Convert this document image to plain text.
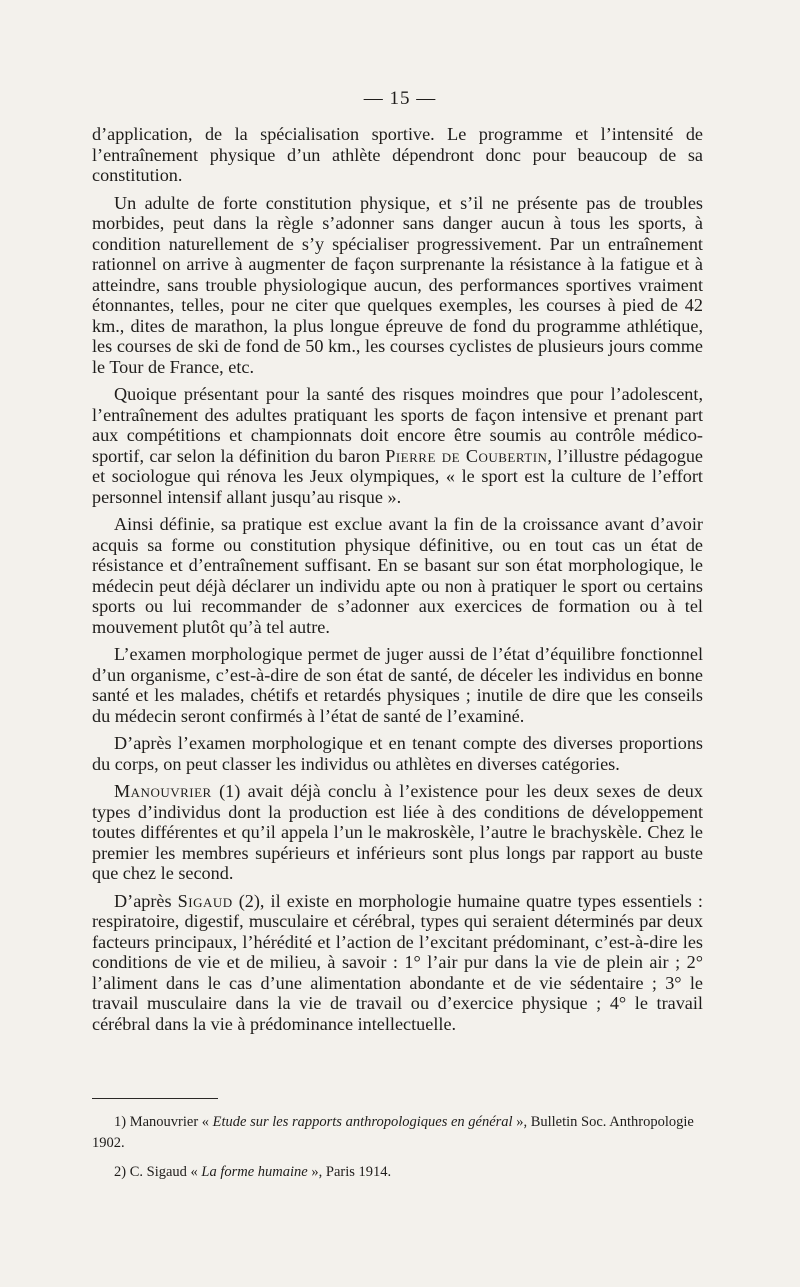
— 15 —

d’application, de la spécialisation sportive. Le programme et l’intensité de l’entraînement physique d’un athlète dépendront donc pour beaucoup de sa constitution.

Un adulte de forte constitution physique, et s’il ne présente pas de troubles morbides, peut dans la règle s’adonner sans danger aucun à tous les sports, à condition naturellement de s’y spécialiser progressivement. Par un entraînement rationnel on arrive à augmenter de façon surprenante la résistance à la fatigue et à atteindre, sans trouble physiologique aucun, des performances sportives vraiment étonnantes, telles, pour ne citer que quelques exemples, les courses à pied de 42 km., dites de marathon, la plus longue épreuve de fond du programme athlétique, les courses de ski de fond de 50 km., les courses cyclistes de plusieurs jours comme le Tour de France, etc.

Quoique présentant pour la santé des risques moindres que pour l’adolescent, l’entraînement des adultes pratiquant les sports de façon intensive et prenant part aux compétitions et championnats doit encore être soumis au contrôle médico-sportif, car selon la définition du baron Pierre de Coubertin, l’illustre pédagogue et sociologue qui rénova les Jeux olympiques, « le sport est la culture de l’effort personnel intensif allant jusqu’au risque ».

Ainsi définie, sa pratique est exclue avant la fin de la croissance avant d’avoir acquis sa forme ou constitution physique définitive, ou en tout cas un état de résistance et d’entraînement suffisant. En se basant sur son état morphologique, le médecin peut déjà déclarer un individu apte ou non à pratiquer le sport ou certains sports ou lui recommander de s’adonner aux exercices de formation ou à tel mouvement plutôt qu’à tel autre.

L’examen morphologique permet de juger aussi de l’état d’équilibre fonctionnel d’un organisme, c’est-à-dire de son état de santé, de déceler les individus en bonne santé et les malades, chétifs et retardés physiques ; inutile de dire que les conseils du médecin seront confirmés à l’état de santé de l’examiné.

D’après l’examen morphologique et en tenant compte des diverses proportions du corps, on peut classer les individus ou athlètes en diverses catégories.

Manouvrier (1) avait déjà conclu à l’existence pour les deux sexes de deux types d’individus dont la production est liée à des conditions de développement toutes différentes et qu’il appela l’un le makroskèle, l’autre le brachyskèle. Chez le premier les membres supérieurs et inférieurs sont plus longs par rapport au buste que chez le second.

D’après Sigaud (2), il existe en morphologie humaine quatre types essentiels : respiratoire, digestif, musculaire et cérébral, types qui seraient déterminés par deux facteurs principaux, l’hérédité et l’action de l’excitant prédominant, c’est-à-dire les conditions de vie et de milieu, à savoir : 1° l’air pur dans la vie de plein air ; 2° l’aliment dans le cas d’une alimentation abondante et de vie sédentaire ; 3° le travail musculaire dans la vie de travail ou d’exercice physique ; 4° le travail cérébral dans la vie à prédominance intellectuelle.

1) Manouvrier « Etude sur les rapports anthropologiques en général », Bulletin Soc. Anthropologie 1902.

2) C. Sigaud « La forme humaine », Paris 1914.
